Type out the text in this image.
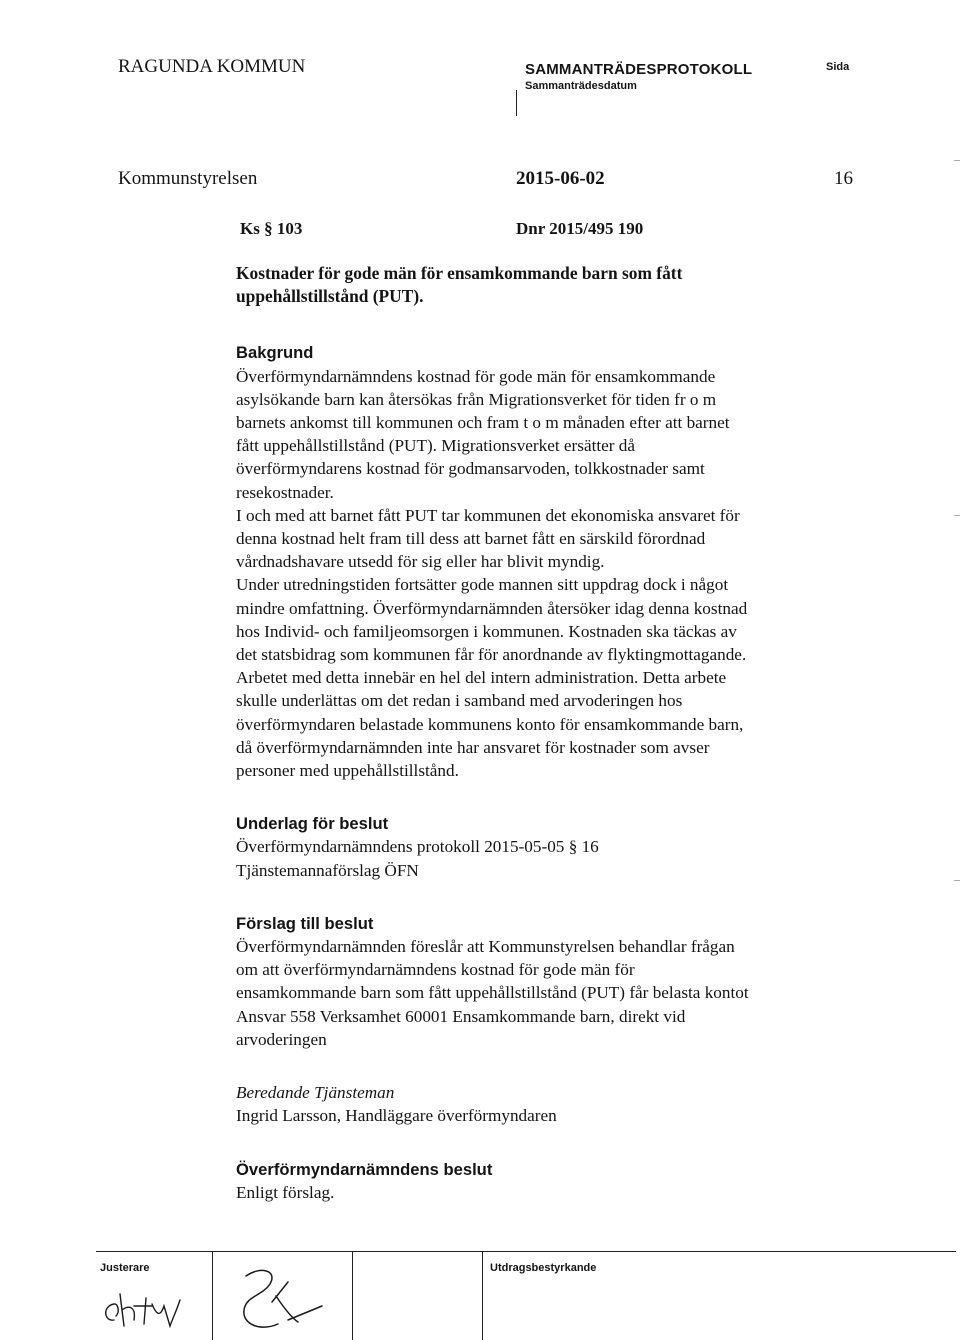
RAGUNDA KOMMUN	SAMMANTRÄDESPROTOKOLL
Sammanträdesdatum
Sida
Kommunstyrelsen	2015-06-02	16
Ks § 103	Dnr 2015/495 190

Kostnader för gode män för ensamkommande barn som fått

uppehållstillstånd (PUT).

Bakgrund

Överförmyndarnämndens kostnad för gode män för ensamkommande

asylsökande barn kan återsökas från Migrationsverket för tiden fr o m

barnets ankomst till kommunen och fram t o m månaden efter att barnet

fått uppehållstillstånd (PUT). Migrationsverket ersätter då

överförmyndarens kostnad för godmansarvoden, tolkkostnader samt

resekostnader.

I och med att barnet fått PUT tar kommunen det ekonomiska ansvaret för

denna kostnad helt fram till dess att barnet fått en särskild förordnad

vårdnadshavare utsedd för sig eller har blivit myndig.

Under utredningstiden fortsätter gode mannen sitt uppdrag dock i något

mindre omfattning. Överförmyndarnämnden återsöker idag denna kostnad

hos Individ- och familjeomsorgen i kommunen. Kostnaden ska täckas av

det statsbidrag som kommunen får för anordnande av flyktingmottagande.

Arbetet med detta innebär en hel del intern administration. Detta arbete

skulle underlättas om det redan i samband med arvoderingen hos

överförmyndaren belastade kommunens konto för ensamkommande barn,

då överförmyndarnämnden inte har ansvaret för kostnader som avser

personer med uppehållstillstånd.

Underlag för beslut

Överförmyndarnämndens protokoll 2015-05-05 § 16

Tjänstemannaförslag ÖFN

Förslag till beslut

Överförmyndarnämnden föreslår att Kommunstyrelsen behandlar frågan

om att överförmyndarnämndens kostnad för gode män för

ensamkommande barn som fått uppehållstillstånd (PUT) får belasta kontot

Ansvar 558 Verksamhet 60001 Ensamkommande barn, direkt vid

arvoderingen

Beredande Tjänsteman

Ingrid Larsson, Handläggare överförmyndaren

Överförmyndarnämndens beslut

Enligt förslag.

Justerare	Utdragsbestyrkande
